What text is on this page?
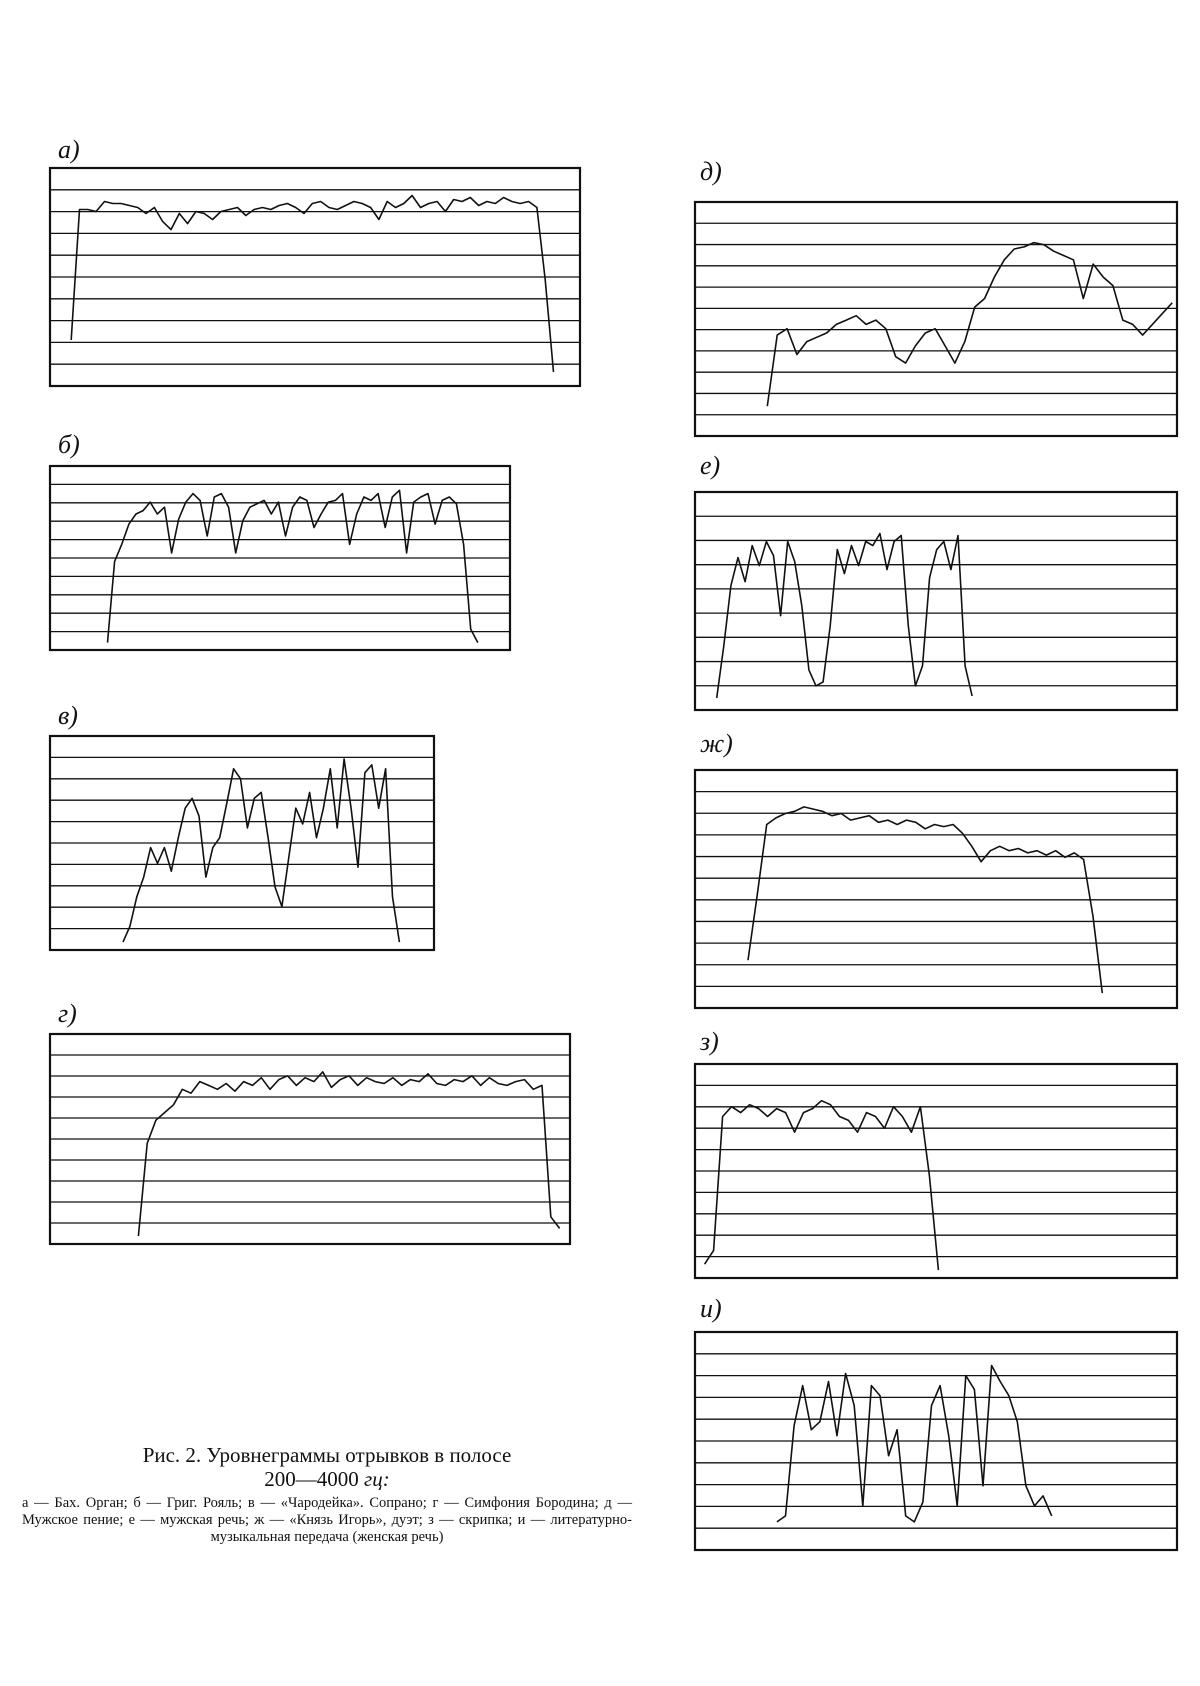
а)
б)
в)
г)
д)
е)
ж)
з)
и)

Рис. 2. Уровнеграммы отрывков в полосе
200—4000 гц:

а — Бах. Орган; б — Григ. Рояль; в — «Чародейка». Сопрано; г — Симфония Бородина; д — Мужское пение; е — мужская речь; ж — «Князь Игорь», дуэт; з — скрипка; и — литературно-музыкальная передача (женская речь)
